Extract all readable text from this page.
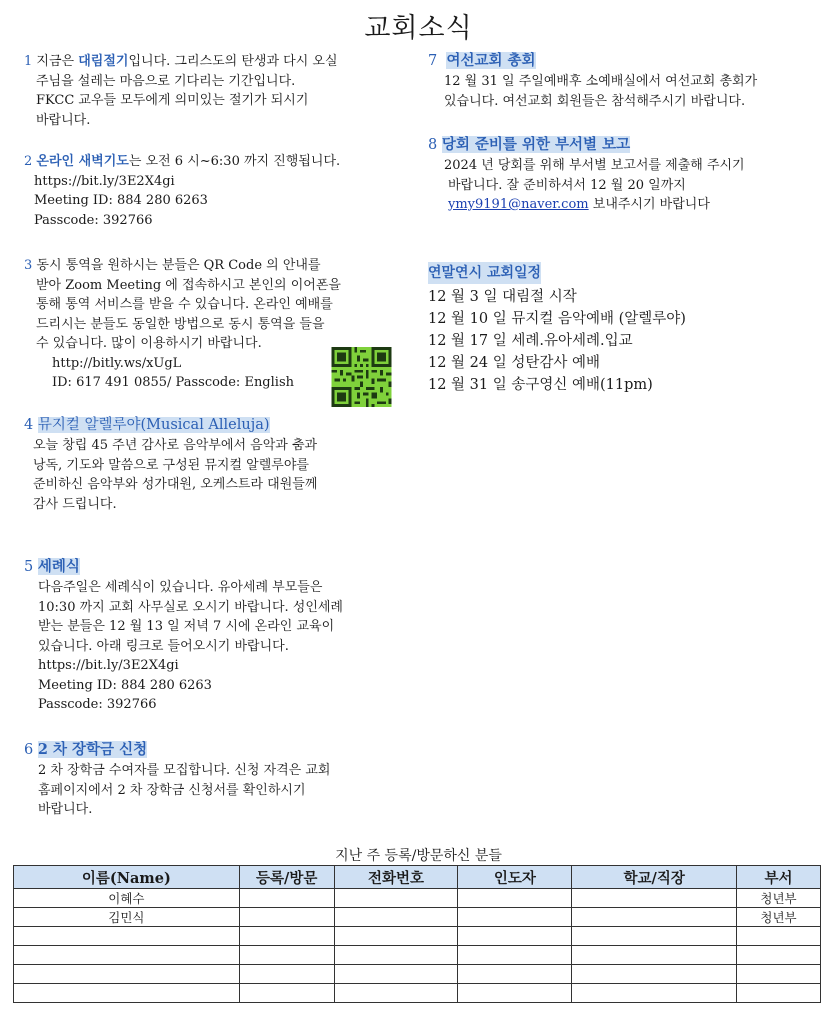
교회소식
1 지금은 대림절기입니다. 그리스도의 탄생과 다시 오실
주님을 설레는 마음으로 기다리는 기간입니다.
FKCC 교우들 모두에게 의미있는 절기가 되시기
바랍니다.
2 온라인 새벽기도는 오전 6 시~6:30 까지 진행됩니다.
https://bit.ly/3E2X4gi
Meeting ID: 884 280 6263
Passcode: 392766
3 동시 통역을 원하시는 분들은 QR Code 의 안내를
받아 Zoom Meeting 에 접속하시고 본인의 이어폰을
통해 통역 서비스를 받을 수 있습니다. 온라인 예배를
드리시는 분들도 동일한 방법으로 동시 통역을 들을
수 있습니다. 많이 이용하시기 바랍니다.
http://bitly.ws/xUgL
ID: 617 491 0855/ Passcode: English
4 뮤지컬 알렐루야(Musical Alleluja)
오늘 창립 45 주년 감사로 음악부에서 음악과 춤과
낭독, 기도와 말씀으로 구성된 뮤지컬 알렐루야를
준비하신 음악부와 성가대원, 오케스트라 대원들께
감사 드립니다.
5 세례식
다음주일은 세례식이 있습니다. 유아세례 부모들은
10:30 까지 교회 사무실로 오시기 바랍니다. 성인세례
받는 분들은 12 월 13 일 저녁 7 시에 온라인 교육이
있습니다. 아래 링크로 들어오시기 바랍니다.
https://bit.ly/3E2X4gi
Meeting ID: 884 280 6263
Passcode: 392766
6 2 차 장학금 신청
2 차 장학금 수여자를 모집합니다. 신청 자격은 교회
홈페이지에서 2 차 장학금 신청서를 확인하시기
바랍니다.
7 여선교회 총회
12 월 31 일 주일예배후 소예배실에서 여선교회 총회가
있습니다. 여선교회 회원들은 참석해주시기 바랍니다.
8 당회 준비를 위한 부서별 보고
2024 년 당회를 위해 부서별 보고서를 제출해 주시기
바랍니다. 잘 준비하셔서 12 월 20 일까지
ymy9191@naver.com 보내주시기 바랍니다
연말연시 교회일정
12 월 3 일 대림절 시작
12 월 10 일 뮤지컬 음악예배 (알렐루야)
12 월 17 일 세례.유아세례.입교
12 월 24 일 성탄감사 예배
12 월 31 일 송구영신 예배(11pm)
지난 주 등록/방문하신 분들
이름(Name)	등록/방문	전화번호	인도자	학교/직장	부서
이혜수					청년부
김민식					청년부
